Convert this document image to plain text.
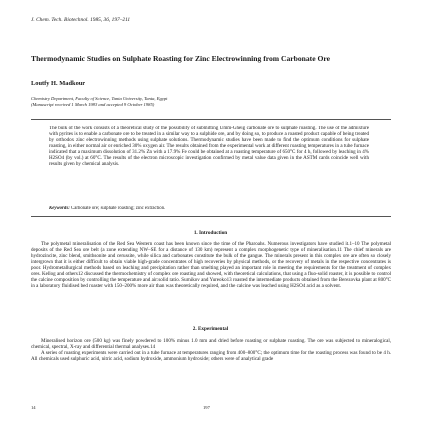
J. Chem. Tech. Biotechnol. 1985, 36, 197–211
Thermodynamic Studies on Sulphate Roasting for Zinc Electrowinning from Carbonate Ore
Loutfy H. Madkour
Chemistry Department, Faculty of Science, Tanta University, Tanta, Egypt
(Manuscript received 1 March 1983 and accepted 9 October 1985)
The bulk of the work consists of a theoretical study of the possibility of submitting Umm-Gheig carbonate ore to sulphate roasting. The use of the admixture with pyrites is to enable a carbonate ore to be treated in a similar way to a sulphide ore, and by doing so, to produce a roasted product capable of being treated by orthodox zinc electrowinning methods using sulphate solutions. Thermodynamic studies have been made to find the optimum conditions for sulphate roasting, in either normal air or enriched 30% oxygen air. The results obtained from the experimental work at different roasting temperatures in a tube furnace indicated that a maximum dissolution of 31.2% Zn with a 17.9% Fe could be obtained at a roasting temperature of 650°C for 4 h, followed by leaching in 4% H2SO4 (by vol.) at 60°C. The results of the electron microscopic investigation confirmed by metal value data given in the ASTM cards coincide well with results given by chemical analysis.
Keywords: Carbonate ore; sulphate roasting; zinc extraction.
1. Introduction

The polymetal mineralisation of the Red Sea Western coast has been known since the time of the Pharoahs. Numerous investigators have studied it.1–10 The polymetal deposits of the Red Sea ore belt (a zone extending NW–SE for a distance of 130 km) represent a complex morphogenetic type of mineralisation.11 The chief minerals are hydrozincite, zinc blend, smithsonite and cerussite, while silica and carbonates constitute the bulk of the gangue. The minerals present in this complex ore are often so closely intergrown that it is either difficult to obtain viable high-grade concentrates of high recoveries by physical methods, or the recovery of metals in the respective concentrates is poor. Hydrometallurgical methods based on leaching and precipitation rather than smelting played an important role in meeting the requirements for the treatment of complex ores. Kellog and others12 discussed the thermochemistry of complex ore roasting and showed, with theoretical calculations, that using a fluo-solid roaster, it is possible to control the calcine composition by controlling the temperature and air:solid ratio. Surnikov and Yureoko13 roasted the intermediate products obtained from the Berezovka plant at 800°C in a laboratory fluidised bed roaster with 150–200% more air than was theoretically required, and the calcine was leached using H2SO4 acid as a solvent.

2. Experimental

Mineralised horizon ore (500 kg) was finely powdered to 100% minus 1.0 mm and dried before roasting or sulphate roasting. The ore was subjected to mineralogical, chemical, spectral, X-ray and differential thermal analyses.14

A series of roasting experiments were carried out in a tube furnace at temperatures ranging from 400–800°C; the optimum time for the roasting process was found to be 4 h. All chemicals used sulphuric acid, nitric acid, sodium hydroxide, ammonium hydroxide; others were of analytical grade

14	197
